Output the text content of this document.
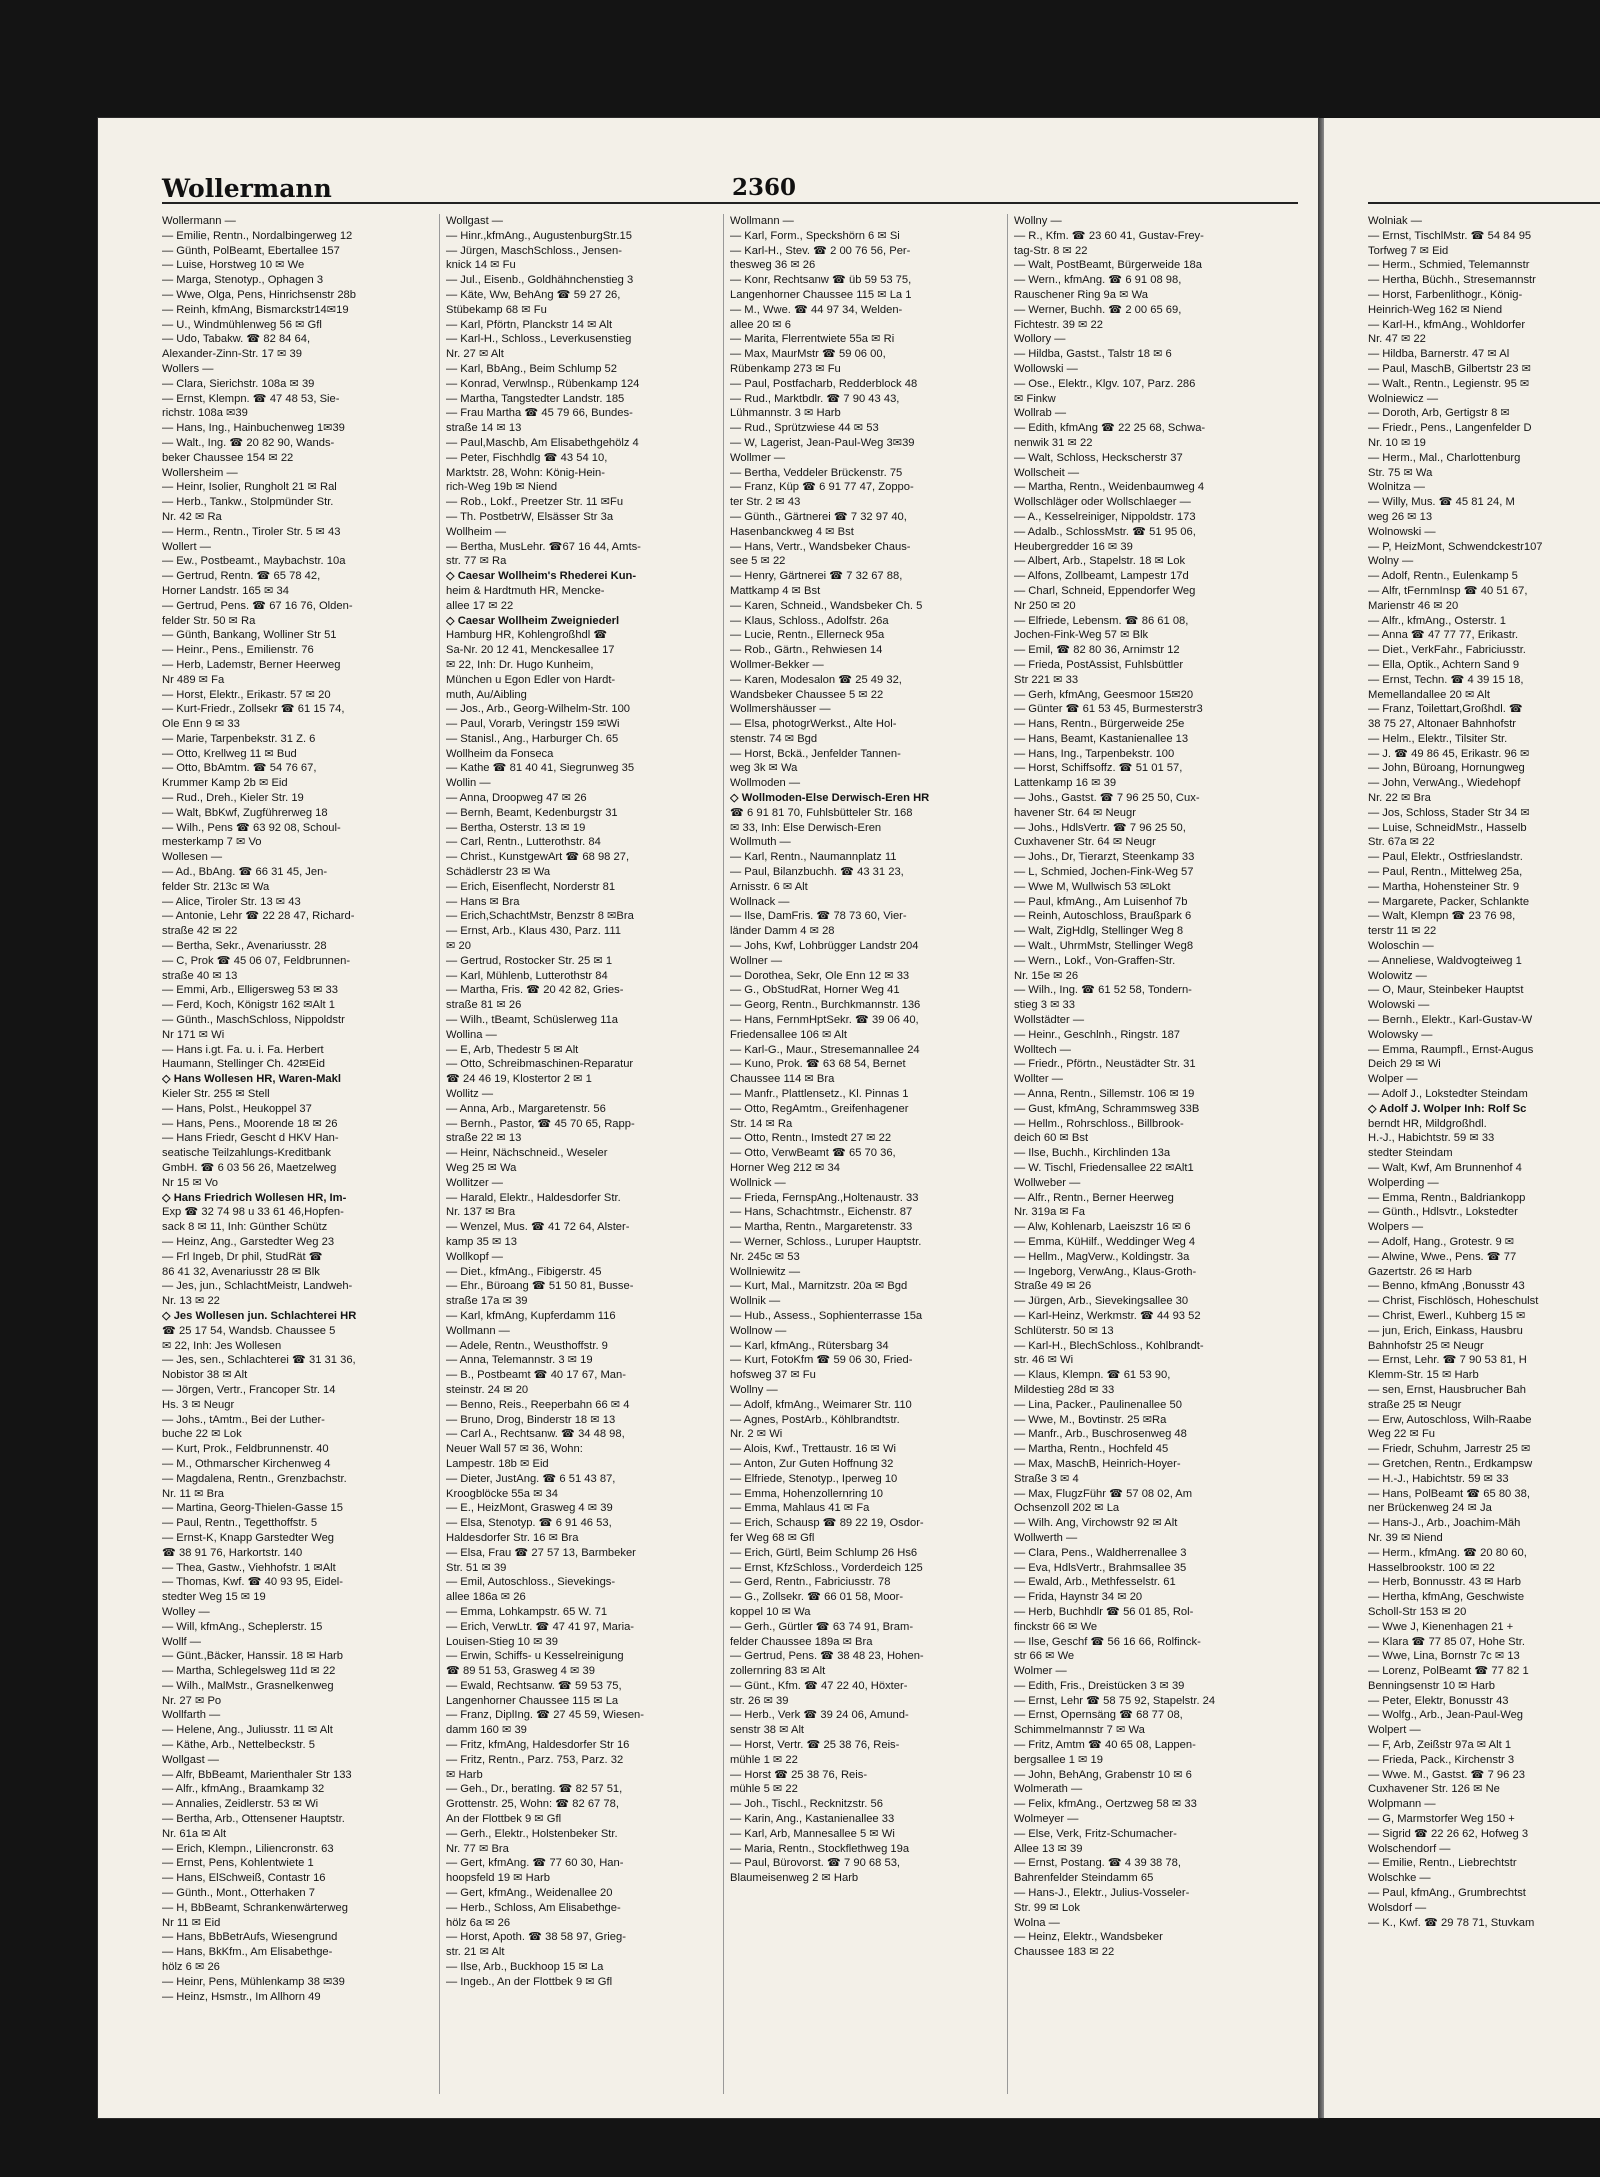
Wollermann	2360
Wollermann —
— Emilie, Rentn., Nordalbingerweg 12
— Günth, PolBeamt, Ebertallee 157
— Luise, Horstweg 10 ✉ We
— Marga, Stenotyp., Ophagen 3
— Wwe, Olga, Pens, Hinrichsenstr 28b
— Reinh, kfmAng, Bismarckstr14✉19
— U., Windmühlenweg 56 ✉ Gfl
— Udo, Tabakw. ☎ 82 84 64,
Alexander-Zinn-Str. 17 ✉ 39
Wollers —
— Clara, Sierichstr. 108a ✉ 39
— Ernst, Klempn. ☎ 47 48 53, Sie-
richstr. 108a ✉39
— Hans, Ing., Hainbuchenweg 1✉39
— Walt., Ing. ☎ 20 82 90, Wands-
beker Chaussee 154 ✉ 22
Wollersheim —
— Heinr, Isolier, Rungholt 21 ✉ Ral
— Herb., Tankw., Stolpmünder Str.
Nr. 42 ✉ Ra
— Herm., Rentn., Tiroler Str. 5 ✉ 43
Wollert —
— Ew., Postbeamt., Maybachstr. 10a
— Gertrud, Rentn. ☎ 65 78 42,
Horner Landstr. 165 ✉ 34
— Gertrud, Pens. ☎ 67 16 76, Olden-
felder Str. 50 ✉ Ra
— Günth, Bankang, Wolliner Str 51
— Heinr., Pens., Emilienstr. 76
— Herb, Lademstr, Berner Heerweg
Nr 489 ✉ Fa
— Horst, Elektr., Erikastr. 57 ✉ 20
— Kurt-Friedr., Zollsekr ☎ 61 15 74,
Ole Enn 9 ✉ 33
— Marie, Tarpenbekstr. 31 Z. 6
— Otto, Krellweg 11 ✉ Bud
— Otto, BbAmtm. ☎ 54 76 67,
Krummer Kamp 2b ✉ Eid
— Rud., Dreh., Kieler Str. 19
— Walt, BbKwf, Zugführerweg 18
— Wilh., Pens ☎ 63 92 08, Schoul-
mesterkamp 7 ✉ Vo
Wollesen —
— Ad., BbAng. ☎ 66 31 45, Jen-
felder Str. 213c ✉ Wa
— Alice, Tiroler Str. 13 ✉ 43
— Antonie, Lehr ☎ 22 28 47, Richard-
straße 42 ✉ 22
— Bertha, Sekr., Avenariusstr. 28
— C, Prok ☎ 45 06 07, Feldbrunnen-
straße 40 ✉ 13
— Emmi, Arb., Elligersweg 53 ✉ 33
— Ferd, Koch, Königstr 162 ✉Alt 1
— Günth., MaschSchloss, Nippoldstr
Nr 171 ✉ Wi
— Hans i.gt. Fa. u. i. Fa. Herbert
Haumann, Stellinger Ch. 42✉Eid
◇ Hans Wollesen HR, Waren-Makl
Kieler Str. 255 ✉ Stell
— Hans, Polst., Heukoppel 37
— Hans, Pens., Moorende 18 ✉ 26
— Hans Friedr, Gescht d HKV Han-
seatische Teilzahlungs-Kreditbank
GmbH. ☎ 6 03 56 26, Maetzelweg
Nr 15 ✉ Vo
◇ Hans Friedrich Wollesen HR, Im-
Exp ☎ 32 74 98 u 33 61 46,Hopfen-
sack 8 ✉ 11, Inh: Günther Schütz
— Heinz, Ang., Garstedter Weg 23
— Frl Ingeb, Dr phil, StudRät ☎
86 41 32, Avenariusstr 28 ✉ Blk
— Jes, jun., SchlachtMeistr, Landweh-
Nr. 13 ✉ 22
◇ Jes Wollesen jun. Schlachterei HR
☎ 25 17 54, Wandsb. Chaussee 5
✉ 22, Inh: Jes Wollesen
— Jes, sen., Schlachterei ☎ 31 31 36,
Nobistor 38 ✉ Alt
— Jörgen, Vertr., Francoper Str. 14
Hs. 3 ✉ Neugr
— Johs., tAmtm., Bei der Luther-
buche 22 ✉ Lok
— Kurt, Prok., Feldbrunnenstr. 40
— M., Othmarscher Kirchenweg 4
— Magdalena, Rentn., Grenzbachstr.
Nr. 11 ✉ Bra
— Martina, Georg-Thielen-Gasse 15
— Paul, Rentn., Tegetthoffstr. 5
— Ernst-K, Knapp Garstedter Weg
☎ 38 91 76, Harkortstr. 140
— Thea, Gastw., Viehhofstr. 1 ✉Alt
— Thomas, Kwf. ☎ 40 93 95, Eidel-
stedter Weg 15 ✉ 19
Wolley —
— Will, kfmAng., Scheplerstr. 15
Wollf —
— Günt.,Bäcker, Hanssir. 18 ✉ Harb
— Martha, Schlegelsweg 11d ✉ 22
— Wilh., MalMstr., Grasnelkenweg
Nr. 27 ✉ Po
Wollfarth —
— Helene, Ang., Juliusstr. 11 ✉ Alt
— Käthe, Arb., Nettelbeckstr. 5
Wollgast —
— Alfr, BbBeamt, Marienthaler Str 133
— Alfr., kfmAng., Braamkamp 32
— Annalies, Zeidlerstr. 53 ✉ Wi
— Bertha, Arb., Ottensener Hauptstr.
Nr. 61a ✉ Alt
— Erich, Klempn., Liliencronstr. 63
— Ernst, Pens, Kohlentwiete 1
— Hans, ElSchweiß, Contastr 16
— Günth., Mont., Otterhaken 7
— H, BbBeamt, Schrankenwärterweg
Nr 11 ✉ Eid
— Hans, BbBetrAufs, Wiesengrund
— Hans, BkKfm., Am Elisabethge-
hölz 6 ✉ 26
— Heinr, Pens, Mühlenkamp 38 ✉39
— Heinz, Hsmstr., Im Allhorn 49
Wollgast —
— Hinr.,kfmAng., AugustenburgStr.15
— Jürgen, MaschSchloss., Jensen-
knick 14 ✉ Fu
— Jul., Eisenb., Goldhähnchenstieg 3
— Käte, Ww, BehAng ☎ 59 27 26,
Stübekamp 68 ✉ Fu
— Karl, Pförtn, Planckstr 14 ✉ Alt
— Karl-H., Schloss., Leverkusenstieg
Nr. 27 ✉ Alt
— Karl, BbAng., Beim Schlump 52
— Konrad, Verwlnsp., Rübenkamp 124
— Martha, Tangstedter Landstr. 185
— Frau Martha ☎ 45 79 66, Bundes-
straße 14 ✉ 13
— Paul,Maschb, Am Elisabethgehölz 4
— Peter, Fischhdlg ☎ 43 54 10,
Marktstr. 28, Wohn: König-Hein-
rich-Weg 19b ✉ Niend
— Rob., Lokf., Preetzer Str. 11 ✉Fu
— Th. PostbetrW, Elsässer Str 3a
Wollheim —
— Bertha, MusLehr. ☎67 16 44, Amts-
str. 77 ✉ Ra
◇ Caesar Wollheim's Rhederei Kun-
heim & Hardtmuth HR, Mencke-
allee 17 ✉ 22
◇ Caesar Wollheim Zweigniederl
Hamburg HR, Kohlengroßhdl ☎
Sa-Nr. 20 12 41, Menckesallee 17
✉ 22, Inh: Dr. Hugo Kunheim,
München u Egon Edler von Hardt-
muth, Au/Aibling
— Jos., Arb., Georg-Wilhelm-Str. 100
— Paul, Vorarb, Veringstr 159 ✉Wi
— Stanisl., Ang., Harburger Ch. 65
Wollheim da Fonseca
— Kathe ☎ 81 40 41, Siegrunweg 35
Wollin —
— Anna, Droopweg 47 ✉ 26
— Bernh, Beamt, Kedenburgstr 31
— Bertha, Osterstr. 13 ✉ 19
— Carl, Rentn., Lutterothstr. 84
— Christ., KunstgewArt ☎ 68 98 27,
Schädlerstr 23 ✉ Wa
— Erich, Eisenflecht, Norderstr 81
— Hans ✉ Bra
— Erich,SchachtMstr, Benzstr 8 ✉Bra
— Ernst, Arb., Klaus 430, Parz. 111
✉ 20
— Gertrud, Rostocker Str. 25 ✉ 1
— Karl, Mühlenb, Lutterothstr 84
— Martha, Fris. ☎ 20 42 82, Gries-
straße 81 ✉ 26
— Wilh., tBeamt, Schüslerweg 11a
Wollina —
— E, Arb, Thedestr 5 ✉ Alt
— Otto, Schreibmaschinen-Reparatur
☎ 24 46 19, Klostertor 2 ✉ 1
Wollitz —
— Anna, Arb., Margaretenstr. 56
— Bernh., Pastor, ☎ 45 70 65, Rapp-
straße 22 ✉ 13
— Heinr, Nächschneid., Weseler
Weg 25 ✉ Wa
Wollitzer —
— Harald, Elektr., Haldesdorfer Str.
Nr. 137 ✉ Bra
— Wenzel, Mus. ☎ 41 72 64, Alster-
kamp 35 ✉ 13
Wollkopf —
— Diet., kfmAng., Fibigerstr. 45
— Ehr., Büroang ☎ 51 50 81, Busse-
straße 17a ✉ 39
— Karl, kfmAng, Kupferdamm 116
Wollmann —
— Adele, Rentn., Weusthoffstr. 9
— Anna, Telemannstr. 3 ✉ 19
— B., Postbeamt ☎ 40 17 67, Man-
steinstr. 24 ✉ 20
— Benno, Reis., Reeperbahn 66 ✉ 4
— Bruno, Drog, Binderstr 18 ✉ 13
— Carl A., Rechtsanw. ☎ 34 48 98,
Neuer Wall 57 ✉ 36, Wohn:
Lampestr. 18b ✉ Eid
— Dieter, JustAng. ☎ 6 51 43 87,
Kroogblöcke 55a ✉ 34
— E., HeizMont, Grasweg 4 ✉ 39
— Elsa, Stenotyp. ☎ 6 91 46 53,
Haldesdorfer Str. 16 ✉ Bra
— Elsa, Frau ☎ 27 57 13, Barmbeker
Str. 51 ✉ 39
— Emil, Autoschloss., Sievekings-
allee 186a ✉ 26
— Emma, Lohkampstr. 65 W. 71
— Erich, VerwLtr. ☎ 47 41 97, Maria-
Louisen-Stieg 10 ✉ 39
— Erwin, Schiffs- u Kesselreinigung
☎ 89 51 53, Grasweg 4 ✉ 39
— Ewald, Rechtsanw. ☎ 59 53 75,
Langenhorner Chaussee 115 ✉ La
— Franz, DiplIng. ☎ 27 45 59, Wiesen-
damm 160 ✉ 39
— Fritz, kfmAng, Haldesdorfer Str 16
— Fritz, Rentn., Parz. 753, Parz. 32
✉ Harb
— Geh., Dr., beratIng. ☎ 82 57 51,
Grottenstr. 25, Wohn: ☎ 82 67 78,
An der Flottbek 9 ✉ Gfl
— Gerh., Elektr., Holstenbeker Str.
Nr. 77 ✉ Bra
— Gert, kfmAng. ☎ 77 60 30, Han-
hoopsfeld 19 ✉ Harb
— Gert, kfmAng., Weidenallee 20
— Herb., Schloss, Am Elisabethge-
hölz 6a ✉ 26
— Horst, Apoth. ☎ 38 58 97, Grieg-
str. 21 ✉ Alt
— Ilse, Arb., Buckhoop 15 ✉ La
— Ingeb., An der Flottbek 9 ✉ Gfl
Wollmann —
— Karl, Form., Speckshörn 6 ✉ Si
— Karl-H., Stev. ☎ 2 00 76 56, Per-
thesweg 36 ✉ 26
— Konr, Rechtsanw ☎ üb 59 53 75,
Langenhorner Chaussee 115 ✉ La 1
— M., Wwe. ☎ 44 97 34, Welden-
allee 20 ✉ 6
— Marita, Flerrentwiete 55a ✉ Ri
— Max, MaurMstr ☎ 59 06 00,
Rübenkamp 273 ✉ Fu
— Paul, Postfacharb, Redderblock 48
— Rud., Marktbdlr. ☎ 7 90 43 43,
Lühmannstr. 3 ✉ Harb
— Rud., Sprützwiese 44 ✉ 53
— W, Lagerist, Jean-Paul-Weg 3✉39
Wollmer —
— Bertha, Veddeler Brückenstr. 75
— Franz, Küp ☎ 6 91 77 47, Zoppo-
ter Str. 2 ✉ 43
— Günth., Gärtnerei ☎ 7 32 97 40,
Hasenbanckweg 4 ✉ Bst
— Hans, Vertr., Wandsbeker Chaus-
see 5 ✉ 22
— Henry, Gärtnerei ☎ 7 32 67 88,
Mattkamp 4 ✉ Bst
— Karen, Schneid., Wandsbeker Ch. 5
— Klaus, Schloss., Adolfstr. 26a
— Lucie, Rentn., Ellerneck 95a
— Rob., Gärtn., Rehwiesen 14
Wollmer-Bekker —
— Karen, Modesalon ☎ 25 49 32,
Wandsbeker Chaussee 5 ✉ 22
Wollmershäusser —
— Elsa, photogrWerkst., Alte Hol-
stenstr. 74 ✉ Bgd
— Horst, Bckä., Jenfelder Tannen-
weg 3k ✉ Wa
Wollmoden —
◇ Wollmoden-Else Derwisch-Eren HR
☎ 6 91 81 70, Fuhlsbütteler Str. 168
✉ 33, Inh: Else Derwisch-Eren
Wollmuth —
— Karl, Rentn., Naumannplatz 11
— Paul, Bilanzbuchh. ☎ 43 31 23,
Arnisstr. 6 ✉ Alt
Wollnack —
— Ilse, DamFris. ☎ 78 73 60, Vier-
länder Damm 4 ✉ 28
— Johs, Kwf, Lohbrügger Landstr 204
Wollner —
— Dorothea, Sekr, Ole Enn 12 ✉ 33
— G., ObStudRat, Horner Weg 41
— Georg, Rentn., Burchkmannstr. 136
— Hans, FernmHptSekr. ☎ 39 06 40,
Friedensallee 106 ✉ Alt
— Karl-G., Maur., Stresemannallee 24
— Kuno, Prok. ☎ 63 68 54, Bernet
Chaussee 114 ✉ Bra
— Manfr., Plattlensetz., Kl. Pinnas 1
— Otto, RegAmtm., Greifenhagener
Str. 14 ✉ Ra
— Otto, Rentn., Imstedt 27 ✉ 22
— Otto, VerwBeamt ☎ 65 70 36,
Horner Weg 212 ✉ 34
Wollnick —
— Frieda, FernspAng.,Holtenaustr. 33
— Hans, Schachtmstr., Eichenstr. 87
— Martha, Rentn., Margaretenstr. 33
— Werner, Schloss., Luruper Hauptstr.
Nr. 245c ✉ 53
Wollniewitz —
— Kurt, Mal., Marnitzstr. 20a ✉ Bgd
Wollnik —
— Hub., Assess., Sophienterrasse 15a
Wollnow —
— Karl, kfmAng., Rütersbarg 34
— Kurt, FotoKfm ☎ 59 06 30, Fried-
hofsweg 37 ✉ Fu
Wollny —
— Adolf, kfmAng., Weimarer Str. 110
— Agnes, PostArb., Köhlbrandtstr.
Nr. 2 ✉ Wi
— Alois, Kwf., Trettaustr. 16 ✉ Wi
— Anton, Zur Guten Hoffnung 32
— Elfriede, Stenotyp., Iperweg 10
— Emma, Hohenzollernring 10
— Emma, Mahlaus 41 ✉ Fa
— Erich, Schausp ☎ 89 22 19, Osdor-
fer Weg 68 ✉ Gfl
— Erich, Gürtl, Beim Schlump 26 Hs6
— Ernst, KfzSchloss., Vorderdeich 125
— Gerd, Rentn., Fabriciusstr. 78
— G., Zollsekr. ☎ 66 01 58, Moor-
koppel 10 ✉ Wa
— Gerh., Gürtler ☎ 63 74 91, Bram-
felder Chaussee 189a ✉ Bra
— Gertrud, Pens. ☎ 38 48 23, Hohen-
zollernring 83 ✉ Alt
— Günt., Kfm. ☎ 47 22 40, Höxter-
str. 26 ✉ 39
— Herb., Verk ☎ 39 24 06, Amund-
senstr 38 ✉ Alt
— Horst, Vertr. ☎ 25 38 76, Reis-
mühle 1 ✉ 22
— Horst ☎ 25 38 76, Reis-
mühle 5 ✉ 22
— Joh., Tischl., Recknitzstr. 56
— Karin, Ang., Kastanienallee 33
— Karl, Arb, Mannesallee 5 ✉ Wi
— Maria, Rentn., Stockflethweg 19a
— Paul, Bürovorst. ☎ 7 90 68 53,
Blaumeisenweg 2 ✉ Harb
Wollny —
— R., Kfm. ☎ 23 60 41, Gustav-Frey-
tag-Str. 8 ✉ 22
— Walt, PostBeamt, Bürgerweide 18a
— Wern., kfmAng. ☎ 6 91 08 98,
Rauschener Ring 9a ✉ Wa
— Werner, Buchh. ☎ 2 00 65 69,
Fichtestr. 39 ✉ 22
Wollory —
— Hildba, Gastst., Talstr 18 ✉ 6
Wollowski —
— Ose., Elektr., Klgv. 107, Parz. 286
✉ Finkw
Wollrab —
— Edith, kfmAng ☎ 22 25 68, Schwa-
nenwik 31 ✉ 22
— Walt, Schloss, Heckscherstr 37
Wollscheit —
— Martha, Rentn., Weidenbaumweg 4
Wollschläger oder Wollschlaeger —
— A., Kesselreiniger, Nippoldstr. 173
— Adalb., SchlossMstr. ☎ 51 95 06,
Heubergredder 16 ✉ 39
— Albert, Arb., Stapelstr. 18 ✉ Lok
— Alfons, Zollbeamt, Lampestr 17d
— Charl, Schneid, Eppendorfer Weg
Nr 250 ✉ 20
— Elfriede, Lebensm. ☎ 86 61 08,
Jochen-Fink-Weg 57 ✉ Blk
— Emil, ☎ 82 80 36, Arnimstr 12
— Frieda, PostAssist, Fuhlsbüttler
Str 221 ✉ 33
— Gerh, kfmAng, Geesmoor 15✉20
— Günter ☎ 61 53 45, Burmesterstr3
— Hans, Rentn., Bürgerweide 25e
— Hans, Beamt, Kastanienallee 13
— Hans, Ing., Tarpenbekstr. 100
— Horst, Schiffsoffz. ☎ 51 01 57,
Lattenkamp 16 ✉ 39
— Johs., Gastst. ☎ 7 96 25 50, Cux-
havener Str. 64 ✉ Neugr
— Johs., HdlsVertr. ☎ 7 96 25 50,
Cuxhavener Str. 64 ✉ Neugr
— Johs., Dr, Tierarzt, Steenkamp 33
— L, Schmied, Jochen-Fink-Weg 57
— Wwe M, Wullwisch 53 ✉Lokt
— Paul, kfmAng., Am Luisenhof 7b
— Reinh, Autoschloss, Braußpark 6
— Walt, ZigHdlg, Stellinger Weg 8
— Walt., UhrmMstr, Stellinger Weg8
— Wern., Lokf., Von-Graffen-Str.
Nr. 15e ✉ 26
— Wilh., Ing. ☎ 61 52 58, Tondern-
stieg 3 ✉ 33
Wollstädter —
— Heinr., Geschlnh., Ringstr. 187
Wolltech —
— Friedr., Pförtn., Neustädter Str. 31
Wollter —
— Anna, Rentn., Sillemstr. 106 ✉ 19
— Gust, kfmAng, Schrammsweg 33B
— Hellm., Rohrschloss., Billbrook-
deich 60 ✉ Bst
— Ilse, Buchh., Kirchlinden 13a
— W. Tischl, Friedensallee 22 ✉Alt1
Wollweber —
— Alfr., Rentn., Berner Heerweg
Nr. 319a ✉ Fa
— Alw, Kohlenarb, Laeiszstr 16 ✉ 6
— Emma, KüHilf., Weddinger Weg 4
— Hellm., MagVerw., Koldingstr. 3a
— Ingeborg, VerwAng., Klaus-Groth-
Straße 49 ✉ 26
— Jürgen, Arb., Sievekingsallee 30
— Karl-Heinz, Werkmstr. ☎ 44 93 52
Schlüterstr. 50 ✉ 13
— Karl-H., BlechSchloss., Kohlbrandt-
str. 46 ✉ Wi
— Klaus, Klempn. ☎ 61 53 90,
Mildestieg 28d ✉ 33
— Lina, Packer., Paulinenallee 50
— Wwe, M., Bovtinstr. 25 ✉Ra
— Manfr., Arb., Buschrosenweg 48
— Martha, Rentn., Hochfeld 45
— Max, MaschB, Heinrich-Hoyer-
Straße 3 ✉ 4
— Max, FlugzFühr ☎ 57 08 02, Am
Ochsenzoll 202 ✉ La
— Wilh. Ang, Virchowstr 92 ✉ Alt
Wollwerth —
— Clara, Pens., Waldherrenallee 3
— Eva, HdlsVertr., Brahmsallee 35
— Ewald, Arb., Methfesselstr. 61
— Frida, Haynstr 34 ✉ 20
— Herb, Buchhdlr ☎ 56 01 85, Rol-
finckstr 66 ✉ We
— Ilse, Geschf ☎ 56 16 66, Rolfinck-
str 66 ✉ We
Wolmer —
— Edith, Fris., Dreistücken 3 ✉ 39
— Ernst, Lehr ☎ 58 75 92, Stapelstr. 24
— Ernst, Opernsäng ☎ 68 77 08,
Schimmelmannstr 7 ✉ Wa
— Fritz, Amtm ☎ 40 65 08, Lappen-
bergsallee 1 ✉ 19
— John, BehAng, Grabenstr 10 ✉ 6
Wolmerath —
— Felix, kfmAng., Oertzweg 58 ✉ 33
Wolmeyer —
— Else, Verk, Fritz-Schumacher-
Allee 13 ✉ 39
— Ernst, Postang. ☎ 4 39 38 78,
Bahrenfelder Steindamm 65
— Hans-J., Elektr., Julius-Vosseler-
Str. 99 ✉ Lok
Wolna —
— Heinz, Elektr., Wandsbeker
Chaussee 183 ✉ 22
Wolniak —
— Ernst, TischlMstr. ☎ 54 84 95
Torfweg 7 ✉ Eid
— Herm., Schmied, Telemannstr
— Hertha, Büchh., Stresemannstr
— Horst, Farbenlithogr., König-
Heinrich-Weg 162 ✉ Niend
— Karl-H., kfmAng., Wohldorfer
Nr. 47 ✉ 22
— Hildba, Barnerstr. 47 ✉ Al
— Paul, MaschB, Gilbertstr 23 ✉
— Walt., Rentn., Legienstr. 95 ✉
Wolniewicz —
— Doroth, Arb, Gertigstr 8 ✉
— Friedr., Pens., Langenfelder D
Nr. 10 ✉ 19
— Herm., Mal., Charlottenburg
Str. 75 ✉ Wa
Wolnitza —
— Willy, Mus. ☎ 45 81 24, M
weg 26 ✉ 13
Wolnowski —
— P, HeizMont, Schwendckestr107
Wolny —
— Adolf, Rentn., Eulenkamp 5
— Alfr, tFernmInsp ☎ 40 51 67,
Marienstr 46 ✉ 20
— Alfr., kfmAng., Osterstr. 1
— Anna ☎ 47 77 77, Erikastr.
— Diet., VerkFahr., Fabriciusstr.
— Ella, Optik., Achtern Sand 9
— Ernst, Techn. ☎ 4 39 15 18,
Memellandallee 20 ✉ Alt
— Franz, Toilettart,Großhdl. ☎
38 75 27, Altonaer Bahnhofstr
— Helm., Elektr., Tilsiter Str.
— J. ☎ 49 86 45, Erikastr. 96 ✉
— John, Büroang, Hornungweg
— John, VerwAng., Wiedehopf
Nr. 22 ✉ Bra
— Jos, Schloss, Stader Str 34 ✉
— Luise, SchneidMstr., Hasselb
Str. 67a ✉ 22
— Paul, Elektr., Ostfrieslandstr.
— Paul, Rentn., Mittelweg 25a,
— Martha, Hohensteiner Str. 9
— Margarete, Packer, Schlankte
— Walt, Klempn ☎ 23 76 98,
terstr 11 ✉ 22
Woloschin —
— Anneliese, Waldvogteiweg 1
Wolowitz —
— O, Maur, Steinbeker Hauptst
Wolowski —
— Bernh., Elektr., Karl-Gustav-W
Wolowsky —
— Emma, Raumpfl., Ernst-Augus
Deich 29 ✉ Wi
Wolper —
— Adolf J., Lokstedter Steindam
◇ Adolf J. Wolper Inh: Rolf Sc
berndt HR, Mildgroßhdl.
H.-J., Habichtstr. 59 ✉ 33
stedter Steindam
— Walt, Kwf, Am Brunnenhof 4
Wolperding —
— Emma, Rentn., Baldriankopp
— Günth., Hdlsvtr., Lokstedter
Wolpers —
— Adolf, Hang., Grotestr. 9 ✉
— Alwine, Wwe., Pens. ☎ 77
Gazertstr. 26 ✉ Harb
— Benno, kfmAng ,Bonusstr 43
— Christ, Fischlösch, Hoheschulst
— Christ, Ewerl., Kuhberg 15 ✉
— jun, Erich, Einkass, Hausbru
Bahnhofstr 25 ✉ Neugr
— Ernst, Lehr. ☎ 7 90 53 81, H
Klemm-Str. 15 ✉ Harb
— sen, Ernst, Hausbrucher Bah
straße 25 ✉ Neugr
— Erw, Autoschloss, Wilh-Raabe
Weg 22 ✉ Fu
— Friedr, Schuhm, Jarrestr 25 ✉
— Gretchen, Rentn., Erdkampsw
— H.-J., Habichtstr. 59 ✉ 33
— Hans, PolBeamt ☎ 65 80 38,
ner Brückenweg 24 ✉ Ja
— Hans-J., Arb., Joachim-Mäh
Nr. 39 ✉ Niend
— Herm., kfmAng. ☎ 20 80 60,
Hasselbrookstr. 100 ✉ 22
— Herb, Bonnusstr. 43 ✉ Harb
— Hertha, kfmAng, Geschwiste
Scholl-Str 153 ✉ 20
— Wwe J, Kienenhagen 21 +
— Klara ☎ 77 85 07, Hohe Str.
— Wwe, Lina, Bornstr 7c ✉ 13
— Lorenz, PolBeamt ☎ 77 82 1
Benningsenstr 10 ✉ Harb
— Peter, Elektr, Bonusstr 43
— Wolfg., Arb., Jean-Paul-Weg
Wolpert —
— F, Arb, Zeißstr 97a ✉ Alt 1
— Frieda, Pack., Kirchenstr 3
— Wwe. M., Gastst. ☎ 7 96 23
Cuxhavener Str. 126 ✉ Ne
Wolpmann —
— G, Marmstorfer Weg 150 +
— Sigrid ☎ 22 26 62, Hofweg 3
Wolschendorf —
— Emilie, Rentn., Liebrechtstr
Wolschke —
— Paul, kfmAng., Grumbrechtst
Wolsdorf —
— K., Kwf. ☎ 29 78 71, Stuvkam
